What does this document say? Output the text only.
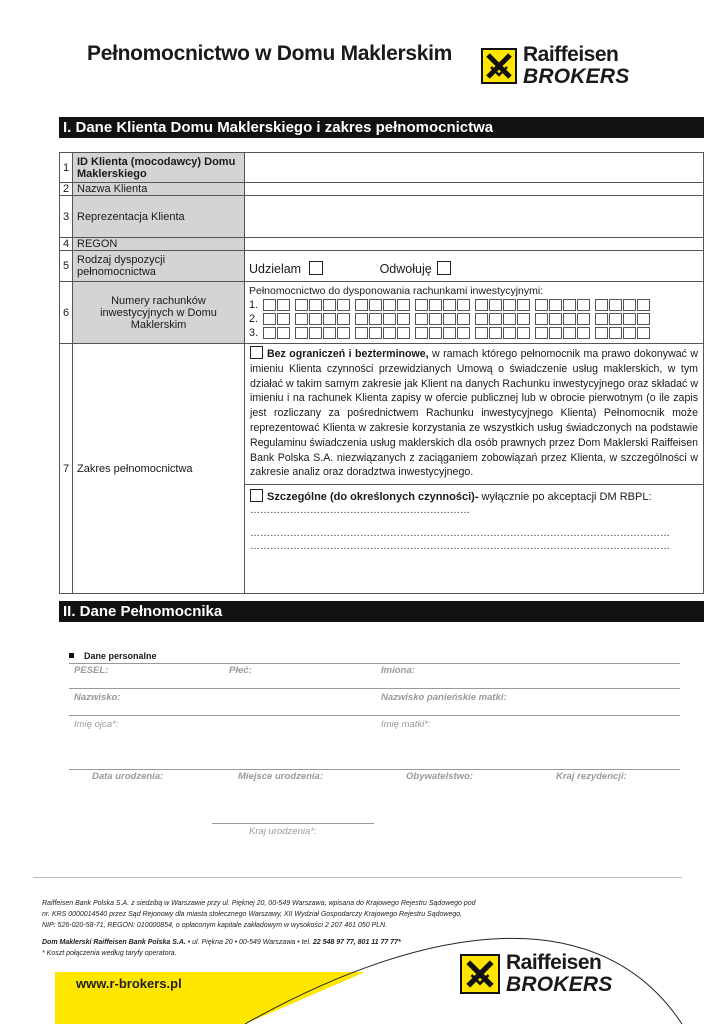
Pełnomocnictwo w Domu Maklerskim	Raiffeisen
BROKERS
I. Dane Klienta Domu Maklerskiego i zakres pełnomocnictwa
1	ID Klienta (mocodawcy) Domu Maklerskiego	
2	Nazwa Klienta	
3	Reprezentacja Klienta	
4	REGON	
5	Rodzaj dyspozycji pełnomocnictwa	Udzielam Odwołuję
6	Numery rachunków inwestycyjnych w Domu Maklerskim	Pełnomocnictwo do dysponowania rachunkami inwestycyjnymi:
1.
2.
3.

7	Zakres pełnomocnictwa	Bez ograniczeń i bezterminowe, w ramach którego pełnomocnik ma prawo dokonywać w imieniu Klienta czynności przewidzianych Umową o świadczenie usług maklerskich, w tym działać w takim samym zakresie jak Klient na danych Rachunku inwestycyjnego oraz składać w imieniu i na rachunek Klienta zapisy w ofercie publicznej lub w obrocie pierwotnym (o ile zapis jest rozliczany za pośrednictwem Rachunku inwestycyjnego Klienta) Pełnomocnik może reprezentować Klienta w zakresie korzystania ze wszystkich usług świadczonych na podstawie Regulaminu świadczenia usług maklerskich dla osób prawnych przez Dom Maklerski Raiffeisen Bank Polska S.A. niezwiązanych z zaciąganiem zobowiązań przez Klienta, w szczególności w zakresie analiz oraz doradztwa inwestycyjnego.
Szczególne (do określonych czynności)- wyłącznie po akceptacji DM RBPL:
…………………………………………………………
………………………………………………………………………………………………………………
………………………………………………………………………………………………………………
II. Dane Pełnomocnika
Dane personalne
PESEL:	Płeć:	Imiona:
Nazwisko:	Nazwisko panieńskie matki:
Imię ojca*:	Imię matki*:
Data urodzenia:	Miejsce urodzenia:	Obywatelstwo:	Kraj rezydencji:
Kraj urodzenia*:
Raiffeisen Bank Polska S.A. z siedzibą w Warszawie przy ul. Pięknej 20, 00-549 Warszawa, wpisana do Krajowego Rejestru Sądowego pod
nr. KRS 0000014540 przez Sąd Rejonowy dla miasta stołecznego Warszawy, XII Wydział Gospodarczy Krajowego Rejestru Sądowego,
NIP: 526-020-58-71, REGON: 010000854, o opłaconym kapitale zakładowym w wysokości 2 207 461 050 PLN.
Dom Maklerski Raiffeisen Bank Polska S.A. • ul. Piękna 20 • 00-549 Warszawa • tel. 22 548 97 77, 801 11 77 77*
* Koszt połączenia według taryfy operatora.
www.r-brokers.pl
Raiffeisen
BROKERS
